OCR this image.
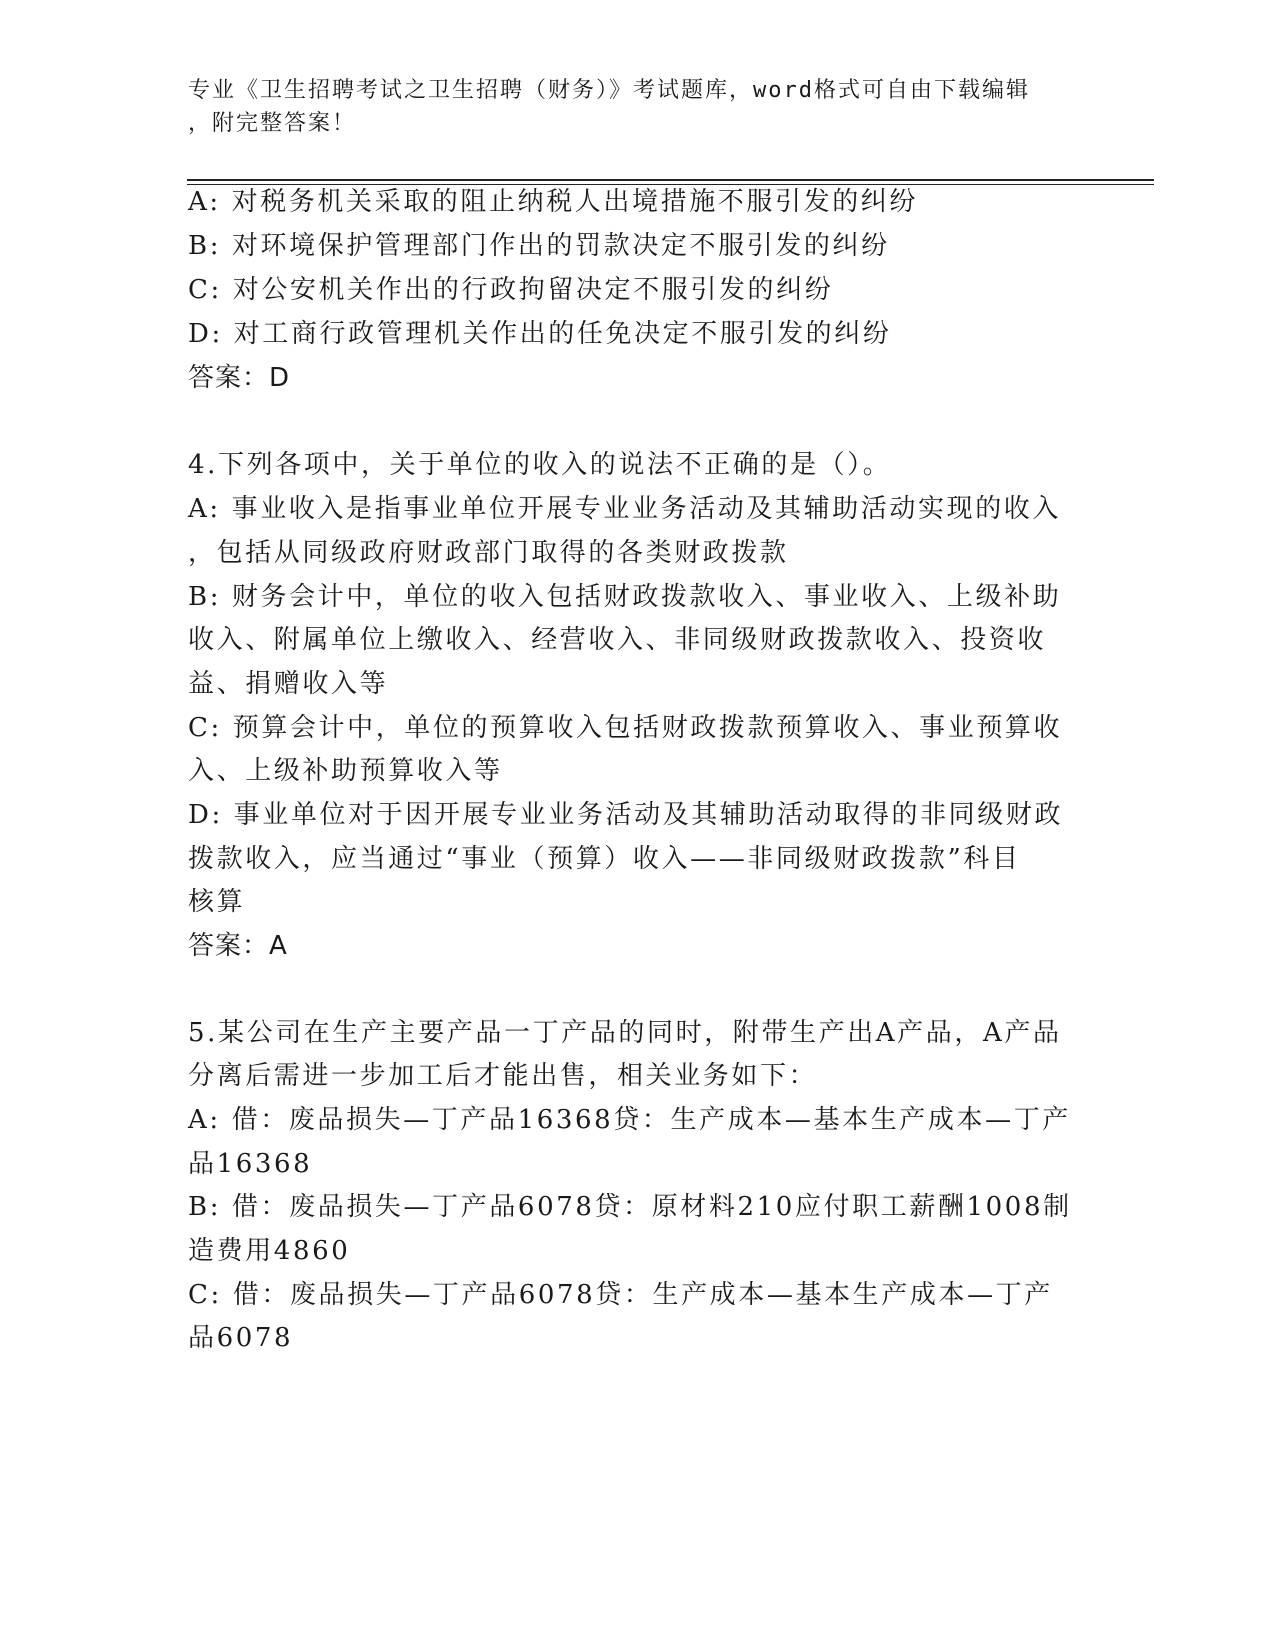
专业《卫生招聘考试之卫生招聘（财务）》考试题库，word格式可自由下载编辑
，附完整答案！
A: 对税务机关采取的阻止纳税人出境措施不服引发的纠纷
B: 对环境保护管理部门作出的罚款决定不服引发的纠纷
C: 对公安机关作出的行政拘留决定不服引发的纠纷
D: 对工商行政管理机关作出的任免决定不服引发的纠纷
答案：D
4.下列各项中，关于单位的收入的说法不正确的是（）。
A: 事业收入是指事业单位开展专业业务活动及其辅助活动实现的收入
，包括从同级政府财政部门取得的各类财政拨款
B: 财务会计中，单位的收入包括财政拨款收入、事业收入、上级补助
收入、附属单位上缴收入、经营收入、非同级财政拨款收入、投资收
益、捐赠收入等
C: 预算会计中，单位的预算收入包括财政拨款预算收入、事业预算收
入、上级补助预算收入等
D: 事业单位对于因开展专业业务活动及其辅助活动取得的非同级财政
拨款收入，应当通过“事业（预算）收入——非同级财政拨款”科目
核算
答案：A
5.某公司在生产主要产品一丁产品的同时，附带生产出A产品，A产品
分离后需进一步加工后才能出售，相关业务如下：
A: 借：废品损失—丁产品16368贷：生产成本—基本生产成本—丁产
品16368
B: 借：废品损失—丁产品6078贷：原材料210应付职工薪酬1008制
造费用4860
C: 借：废品损失—丁产品6078贷：生产成本—基本生产成本—丁产
品6078
